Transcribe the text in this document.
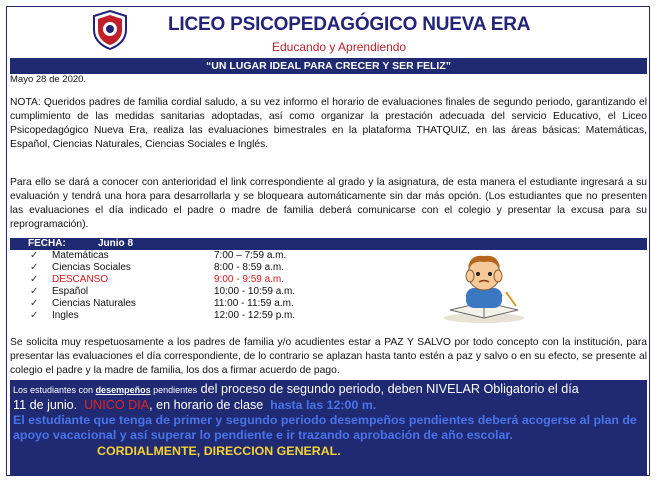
LICEO PSICOPEDAGÓGICO NUEVA ERA
Educando y Aprendiendo
“UN LUGAR IDEAL PARA CRECER Y SER FELIZ”
Mayo 28 de 2020.

NOTA: Queridos padres de familia cordial saludo, a su vez informo el horario de evaluaciones finales de segundo periodo, garantizando el cumplimiento de las medidas sanitarias adoptadas, así como organizar la prestación adecuada del servicio Educativo, el Liceo Psicopedagógico Nueva Era, realiza las evaluaciones bimestrales en la plataforma THATQUIZ, en las áreas básicas: Matemáticas, Español, Ciencias Naturales, Ciencias Sociales e Inglés.

Para ello se dará a conocer con anterioridad el link correspondiente al grado y la asignatura, de esta manera el estudiante ingresará a su evaluación y tendrá una hora para desarrollarla y se bloqueara automáticamente sin dar más opción. (Los estudiantes que no presenten las evaluaciones el día indicado el padre o madre de familia deberá comunicarse con el colegio y presentar la excusa para su reprogramación).

FECHA:	Junio 8
✓ Matemáticas	7:00 – 7:59 a.m.
✓ Ciencias Sociales	8:00 - 8:59 a.m.
✓ DESCANSO	9:00 - 9:59 a.m.
✓ Español	10:00 - 10:59 a.m.
✓ Ciencias Naturales	11:00 - 11:59 a.m.
✓ Ingles	12:00 - 12:59 p.m.

Se solicita muy respetuosamente a los padres de familia y/o acudientes estar a PAZ Y SALVO por todo concepto con la institución, para presentar las evaluaciones el día correspondiente, de lo contrario se aplazan hasta tanto estén a paz y salvo o en su efecto, se presente al colegio el padre y la madre de familia, los dos a firmar acuerdo de pago.

Los estudiantes con desempeños pendientes del proceso de segundo periodo, deben NIVELAR Obligatorio el día
11 de junio. UNICO DIA, en horario de clase hasta las 12:00 m.
El estudiante que tenga de primer y segundo periodo desempeños pendientes deberá acogerse al plan de apoyo vacacional y así superar lo pendiente e ir trazando aprobación de año escolar.
CORDIALMENTE, DIRECCION GENERAL.
